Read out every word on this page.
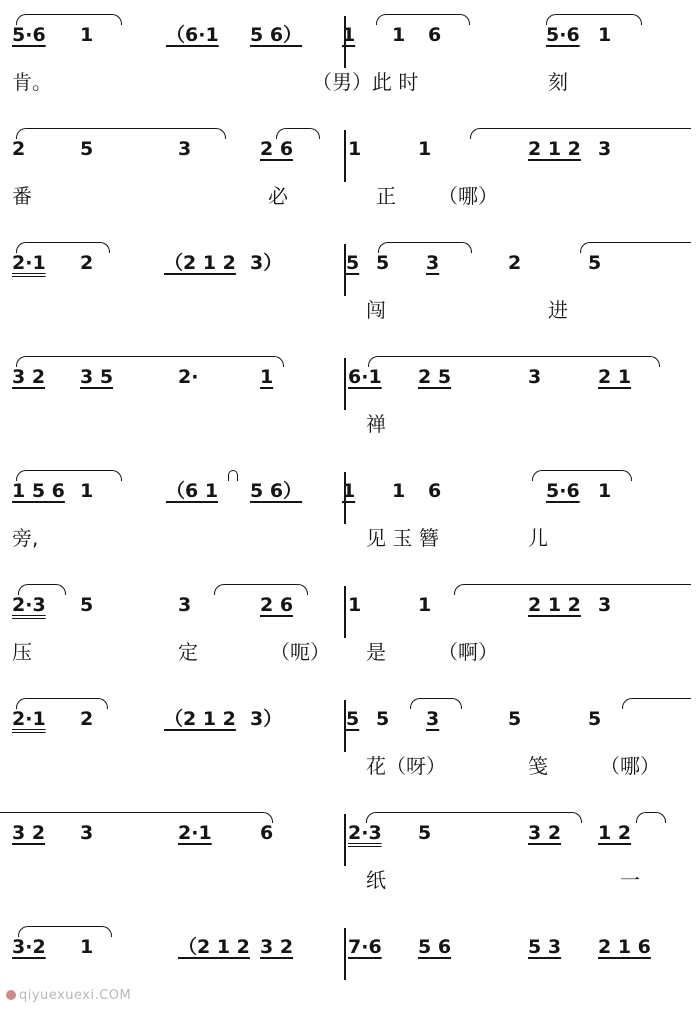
5·6 1	（6·1 5 6） 1 1 6	5·6 1
肯。	（男）此 时	刻
2	5	3	2 6	1	1	2 1 2 3
番	必	正 （哪）
2·1 2	（2 1 2 3）	5 5 3	2	5
闯	进
3 2 3 5	2·	1	6·1 2 5	3	2 1
禅
1 5 6 1	（6 1 5 6） 1 1 6	5·6 1
旁,	见 玉 簪	儿
2·3 5	3	2 6	1	1	2 1 2 3
压	定	（呃） 是	（啊）
2·1 2	（2 1 2 3）	5 5 3	5	5
花（呀）	笺	（哪）
3 2 3	2·1	6	2·3 5	3 2 1 2
纸	一
3·2 1	（2 1 2 3 2	7·6 5 6	5 3 2 1 6
qiyuexuexi.COM
